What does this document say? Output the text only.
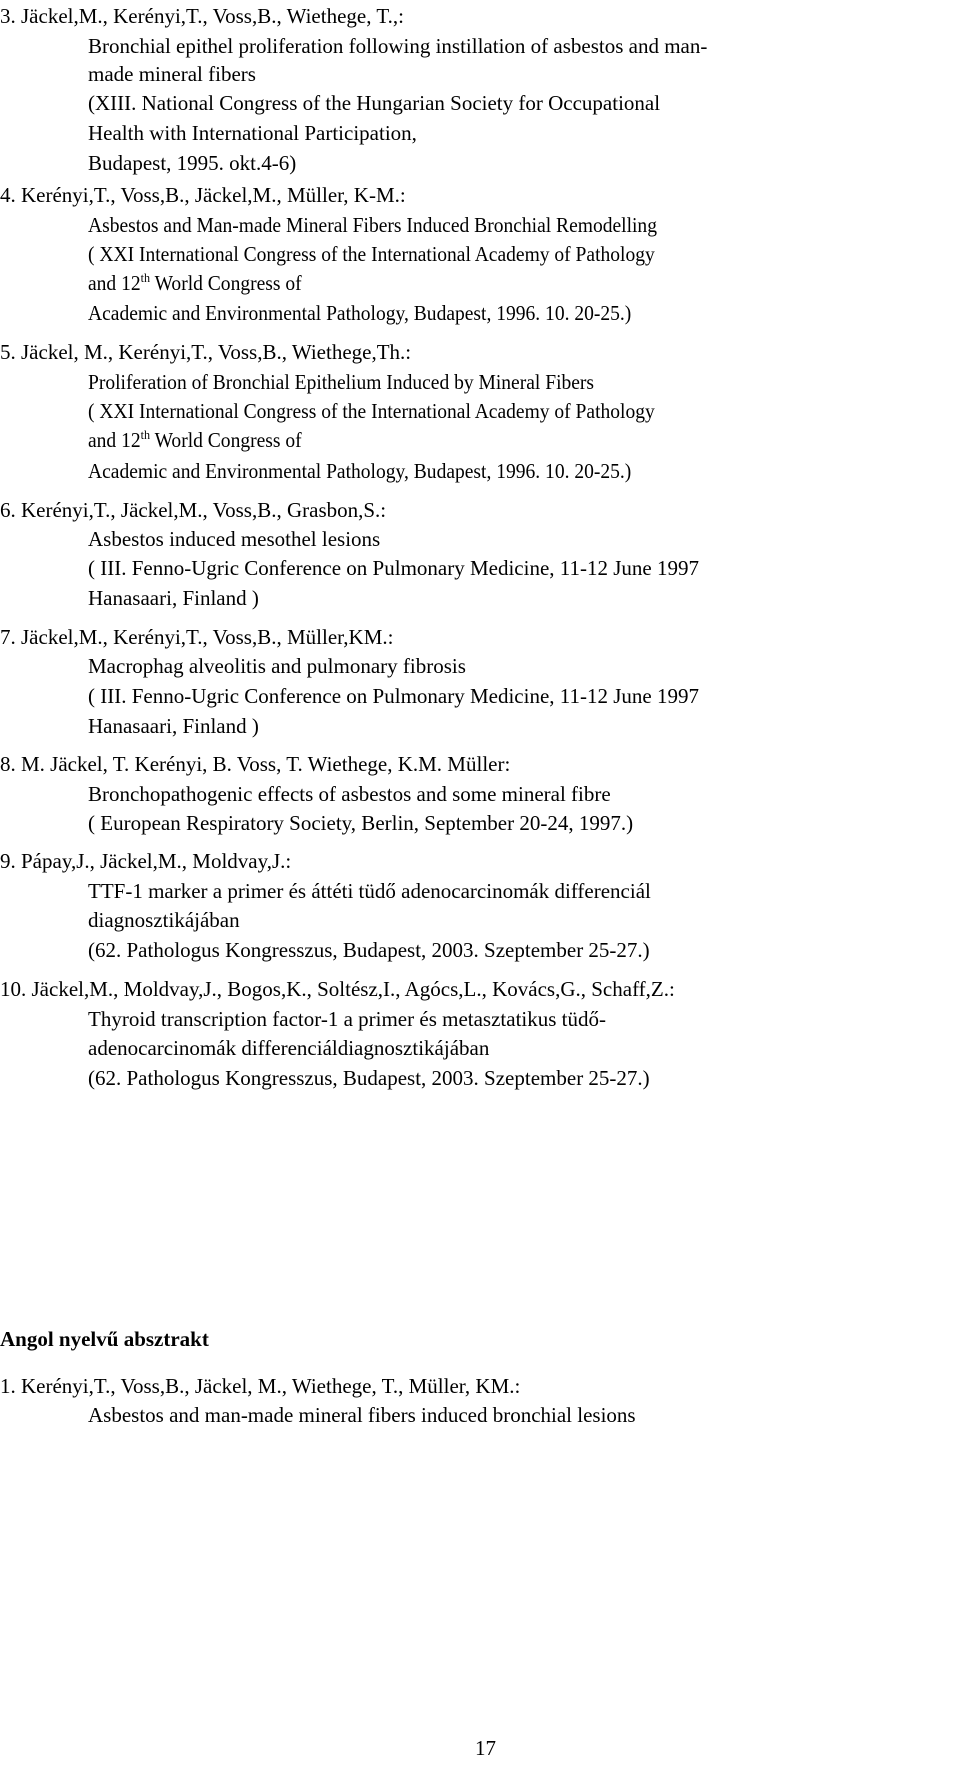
3. Jäckel,M., Kerényi,T., Voss,B., Wiethege, T.,:
Bronchial epithel proliferation following instillation of asbestos and man-
made mineral fibers
(XIII. National Congress of the Hungarian Society for Occupational
Health with International Participation,
Budapest, 1995. okt.4-6)
4. Kerényi,T., Voss,B., Jäckel,M., Müller, K-M.:
Asbestos and Man-made Mineral Fibers Induced Bronchial Remodelling
( XXI International Congress of the International Academy of Pathology
and 12th World Congress of
Academic and Environmental Pathology, Budapest, 1996. 10. 20-25.)
5. Jäckel, M., Kerényi,T., Voss,B., Wiethege,Th.:
Proliferation of Bronchial Epithelium Induced by Mineral Fibers
( XXI International Congress of the International Academy of Pathology
and 12th World Congress of
Academic and Environmental Pathology, Budapest, 1996. 10. 20-25.)
6. Kerényi,T., Jäckel,M., Voss,B., Grasbon,S.:
Asbestos induced mesothel lesions
( III. Fenno-Ugric Conference on Pulmonary Medicine, 11-12 June 1997
Hanasaari, Finland )
7. Jäckel,M., Kerényi,T., Voss,B., Müller,KM.:
Macrophag alveolitis and pulmonary fibrosis
( III. Fenno-Ugric Conference on Pulmonary Medicine, 11-12 June 1997
Hanasaari, Finland )
8. M. Jäckel, T. Kerényi, B. Voss, T. Wiethege, K.M. Müller:
Bronchopathogenic effects of asbestos and some mineral fibre
( European Respiratory Society, Berlin, September 20-24, 1997.)
9. Pápay,J., Jäckel,M., Moldvay,J.:
TTF-1 marker a primer és áttéti tüdő adenocarcinomák differenciál
diagnosztikájában
(62. Pathologus Kongresszus, Budapest, 2003. Szeptember 25-27.)
10. Jäckel,M., Moldvay,J., Bogos,K., Soltész,I., Agócs,L., Kovács,G., Schaff,Z.:
Thyroid transcription factor-1 a primer és metasztatikus tüdő-
adenocarcinomák differenciáldiagnosztikájában
(62. Pathologus Kongresszus, Budapest, 2003. Szeptember 25-27.)
Angol nyelvű absztrakt
1. Kerényi,T., Voss,B., Jäckel, M., Wiethege, T., Müller, KM.:
Asbestos and man-made mineral fibers induced bronchial lesions
17
